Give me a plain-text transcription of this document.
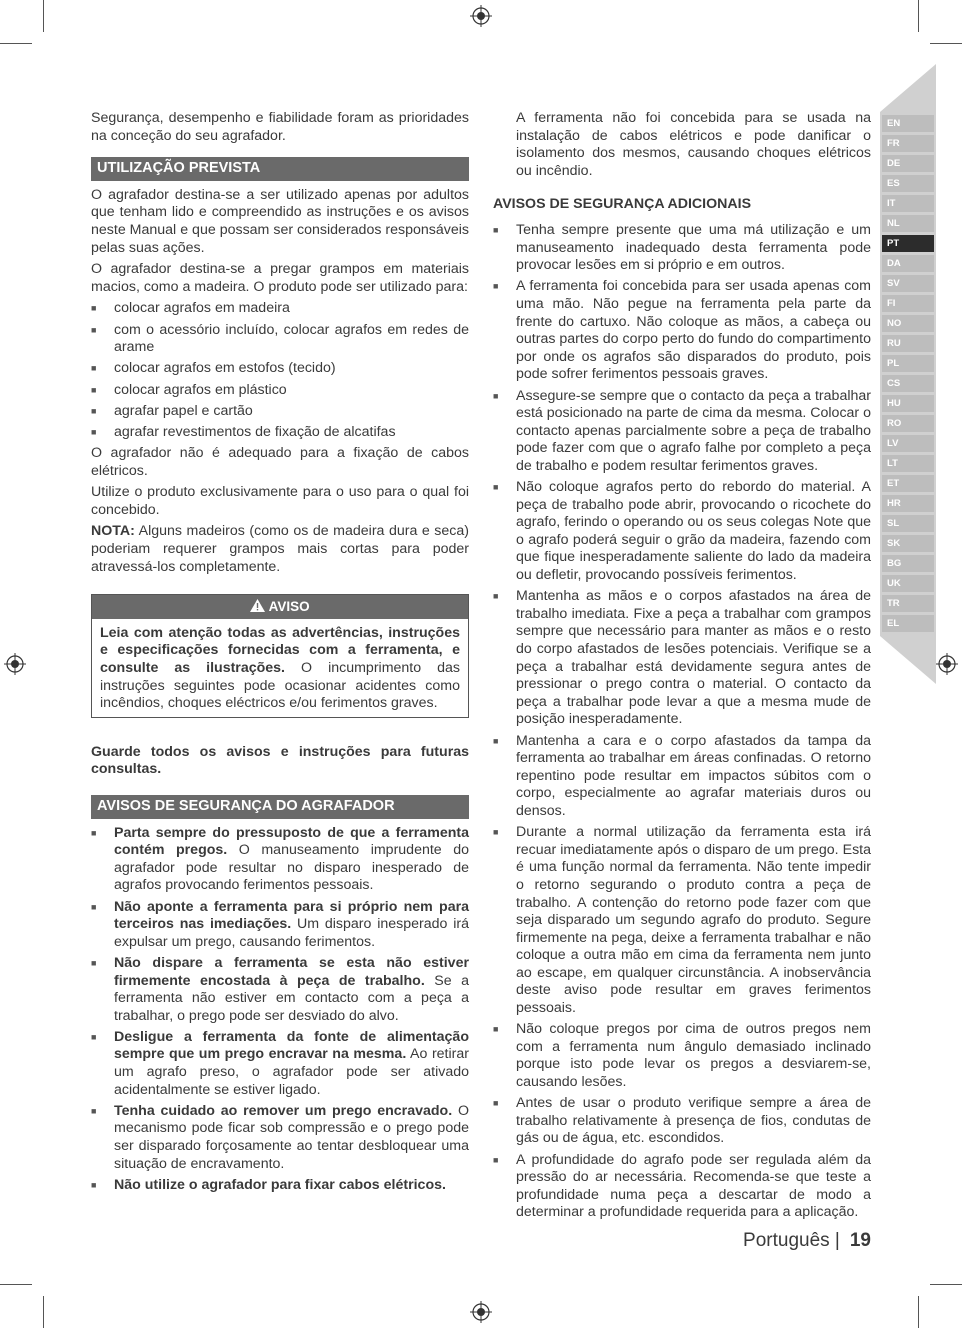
Segurança, desempenho e fiabilidade foram as prioridades na conceção do seu agrafador.

UTILIZAÇÃO PREVISTA

O agrafador destina-se a ser utilizado apenas por adultos que tenham lido e compreendido as instruções e os avisos neste Manual e que possam ser considerados responsáveis pelas suas ações.

O agrafador destina-se a pregar grampos em materiais macios, como a madeira. O produto pode ser utilizado para:

■ colocar agrafos em madeira
■ com o acessório incluído, colocar agrafos em redes de arame
■ colocar agrafos em estofos (tecido)
■ colocar agrafos em plástico
■ agrafar papel e cartão
■ agrafar revestimentos de fixação de alcatifas

O agrafador não é adequado para a fixação de cabos elétricos.

Utilize o produto exclusivamente para o uso para o qual foi concebido.

NOTA: Alguns madeiros (como os de madeira dura e seca) poderiam requerer grampos mais cortas para poder atravessá-los completamente.

AVISO
Leia com atenção todas as advertências, instruções e especificações fornecidas com a ferramenta, e consulte as ilustrações. O incumprimento das instruções seguintes pode ocasionar acidentes como incêndios, choques eléctricos e/ou ferimentos graves.

Guarde todos os avisos e instruções para futuras consultas.

AVISOS DE SEGURANÇA DO AGRAFADOR
■ Parta sempre do pressuposto de que a ferramenta contém pregos. O manuseamento imprudente do agrafador pode resultar no disparo inesperado de agrafos provocando ferimentos pessoais.
■ Não aponte a ferramenta para si próprio nem para terceiros nas imediações. Um disparo inesperado irá expulsar um prego, causando ferimentos.
■ Não dispare a ferramenta se esta não estiver firmemente encostada à peça de trabalho. Se a ferramenta não estiver em contacto com a peça a trabalhar, o prego pode ser desviado do alvo.
■ Desligue a ferramenta da fonte de alimentação sempre que um prego encravar na mesma. Ao retirar um agrafo preso, o agrafador pode ser ativado acidentalmente se estiver ligado.
■ Tenha cuidado ao remover um prego encravado. O mecanismo pode ficar sob compressão e o prego pode ser disparado forçosamente ao tentar desbloquear uma situação de encravamento.
■ Não utilize o agrafador para fixar cabos elétricos.

A ferramenta não foi concebida para se usada na instalação de cabos elétricos e pode danificar o isolamento dos mesmos, causando choques elétricos ou incêndio.

AVISOS DE SEGURANÇA ADICIONAIS
■ Tenha sempre presente que uma má utilização e um manuseamento inadequado desta ferramenta pode provocar lesões em si próprio e em outros.
■ A ferramenta foi concebida para ser usada apenas com uma mão. Não pegue na ferramenta pela parte da frente do cartuxo. Não coloque as mãos, a cabeça ou outras partes do corpo perto do fundo do compartimento por onde os agrafos são disparados do produto, pois pode sofrer ferimentos pessoais graves.
■ Assegure-se sempre que o contacto da peça a trabalhar está posicionado na parte de cima da mesma. Colocar o contacto apenas parcialmente sobre a peça de trabalho pode fazer com que o agrafo falhe por completo a peça de trabalho e podem resultar ferimentos graves.
■ Não coloque agrafos perto do rebordo do material. A peça de trabalho pode abrir, provocando o ricochete do agrafo, ferindo o operando ou os seus colegas Note que o agrafo poderá seguir o grão da madeira, fazendo com que fique inesperadamente saliente do lado da madeira ou defletir, provocando possíveis ferimentos.
■ Mantenha as mãos e o corpos afastados na área de trabalho imediata. Fixe a peça a trabalhar com grampos sempre que necessário para manter as mãos e o resto do corpo afastados de lesões potenciais. Verifique se a peça a trabalhar está devidamente segura antes de pressionar o prego contra o material. O contacto da peça a trabalhar pode levar a que a mesma mude de posição inesperadamente.
■ Mantenha a cara e o corpo afastados da tampa da ferramenta ao trabalhar em áreas confinadas. O retorno repentino pode resultar em impactos súbitos com o corpo, especialmente ao agrafar materiais duros ou densos.
■ Durante a normal utilização da ferramenta esta irá recuar imediatamente após o disparo de um prego. Esta é uma função normal da ferramenta. Não tente impedir o retorno segurando o produto contra a peça de trabalho. A contenção do retorno pode fazer com que seja disparado um segundo agrafo do produto. Segure firmemente na pega, deixe a ferramenta trabalhar e não coloque a outra mão em cima da ferramenta nem junto ao escape, em qualquer circunstância. A inobservância deste aviso pode resultar em graves ferimentos pessoais.
■ Não coloque pregos por cima de outros pregos nem com a ferramenta num ângulo demasiado inclinado porque isto pode levar os pregos a desviarem-se, causando lesões.
■ Antes de usar o produto verifique sempre a área de trabalho relativamente à presença de fios, condutas de gás ou de água, etc. escondidos.
■ A profundidade do agrafo pode ser regulada além da pressão do ar necessária. Recomenda-se que teste a profundidade numa peça a descartar de modo a determinar a profundidade requerida para a aplicação.
EN
FR
DE
ES
IT
NL
PT
DA
SV
FI
NO
RU
PL
CS
HU
RO
LV
LT
ET
HR
SL
SK
BG
UK
TR
EL
Português | 19
